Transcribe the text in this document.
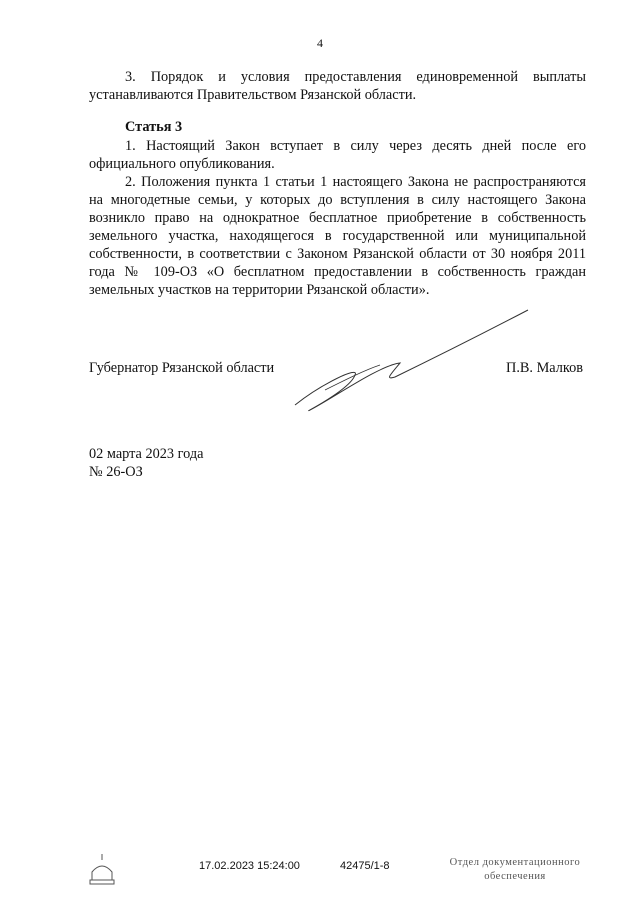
4

3. Порядок и условия предоставления единовременной выплаты устанавливаются Правительством Рязанской области.

Статья 3

1. Настоящий Закон вступает в силу через десять дней после его официального опубликования.

2. Положения пункта 1 статьи 1 настоящего Закона не распространяются на многодетные семьи, у которых до вступления в силу настоящего Закона возникло право на однократное бесплатное приобретение в собственность земельного участка, находящегося в государственной или муниципальной собственности, в соответствии с Законом Рязанской области от 30 ноября 2011 года № 109-ОЗ «О бесплатном предоставлении в собственность граждан земельных участков на территории Рязанской области».

Губернатор Рязанской области	П.В. Малков
02 марта 2023 года
№ 26-ОЗ
17.02.2023 15:24:00	42475/1-8	Отдел документационного
обеспечения
